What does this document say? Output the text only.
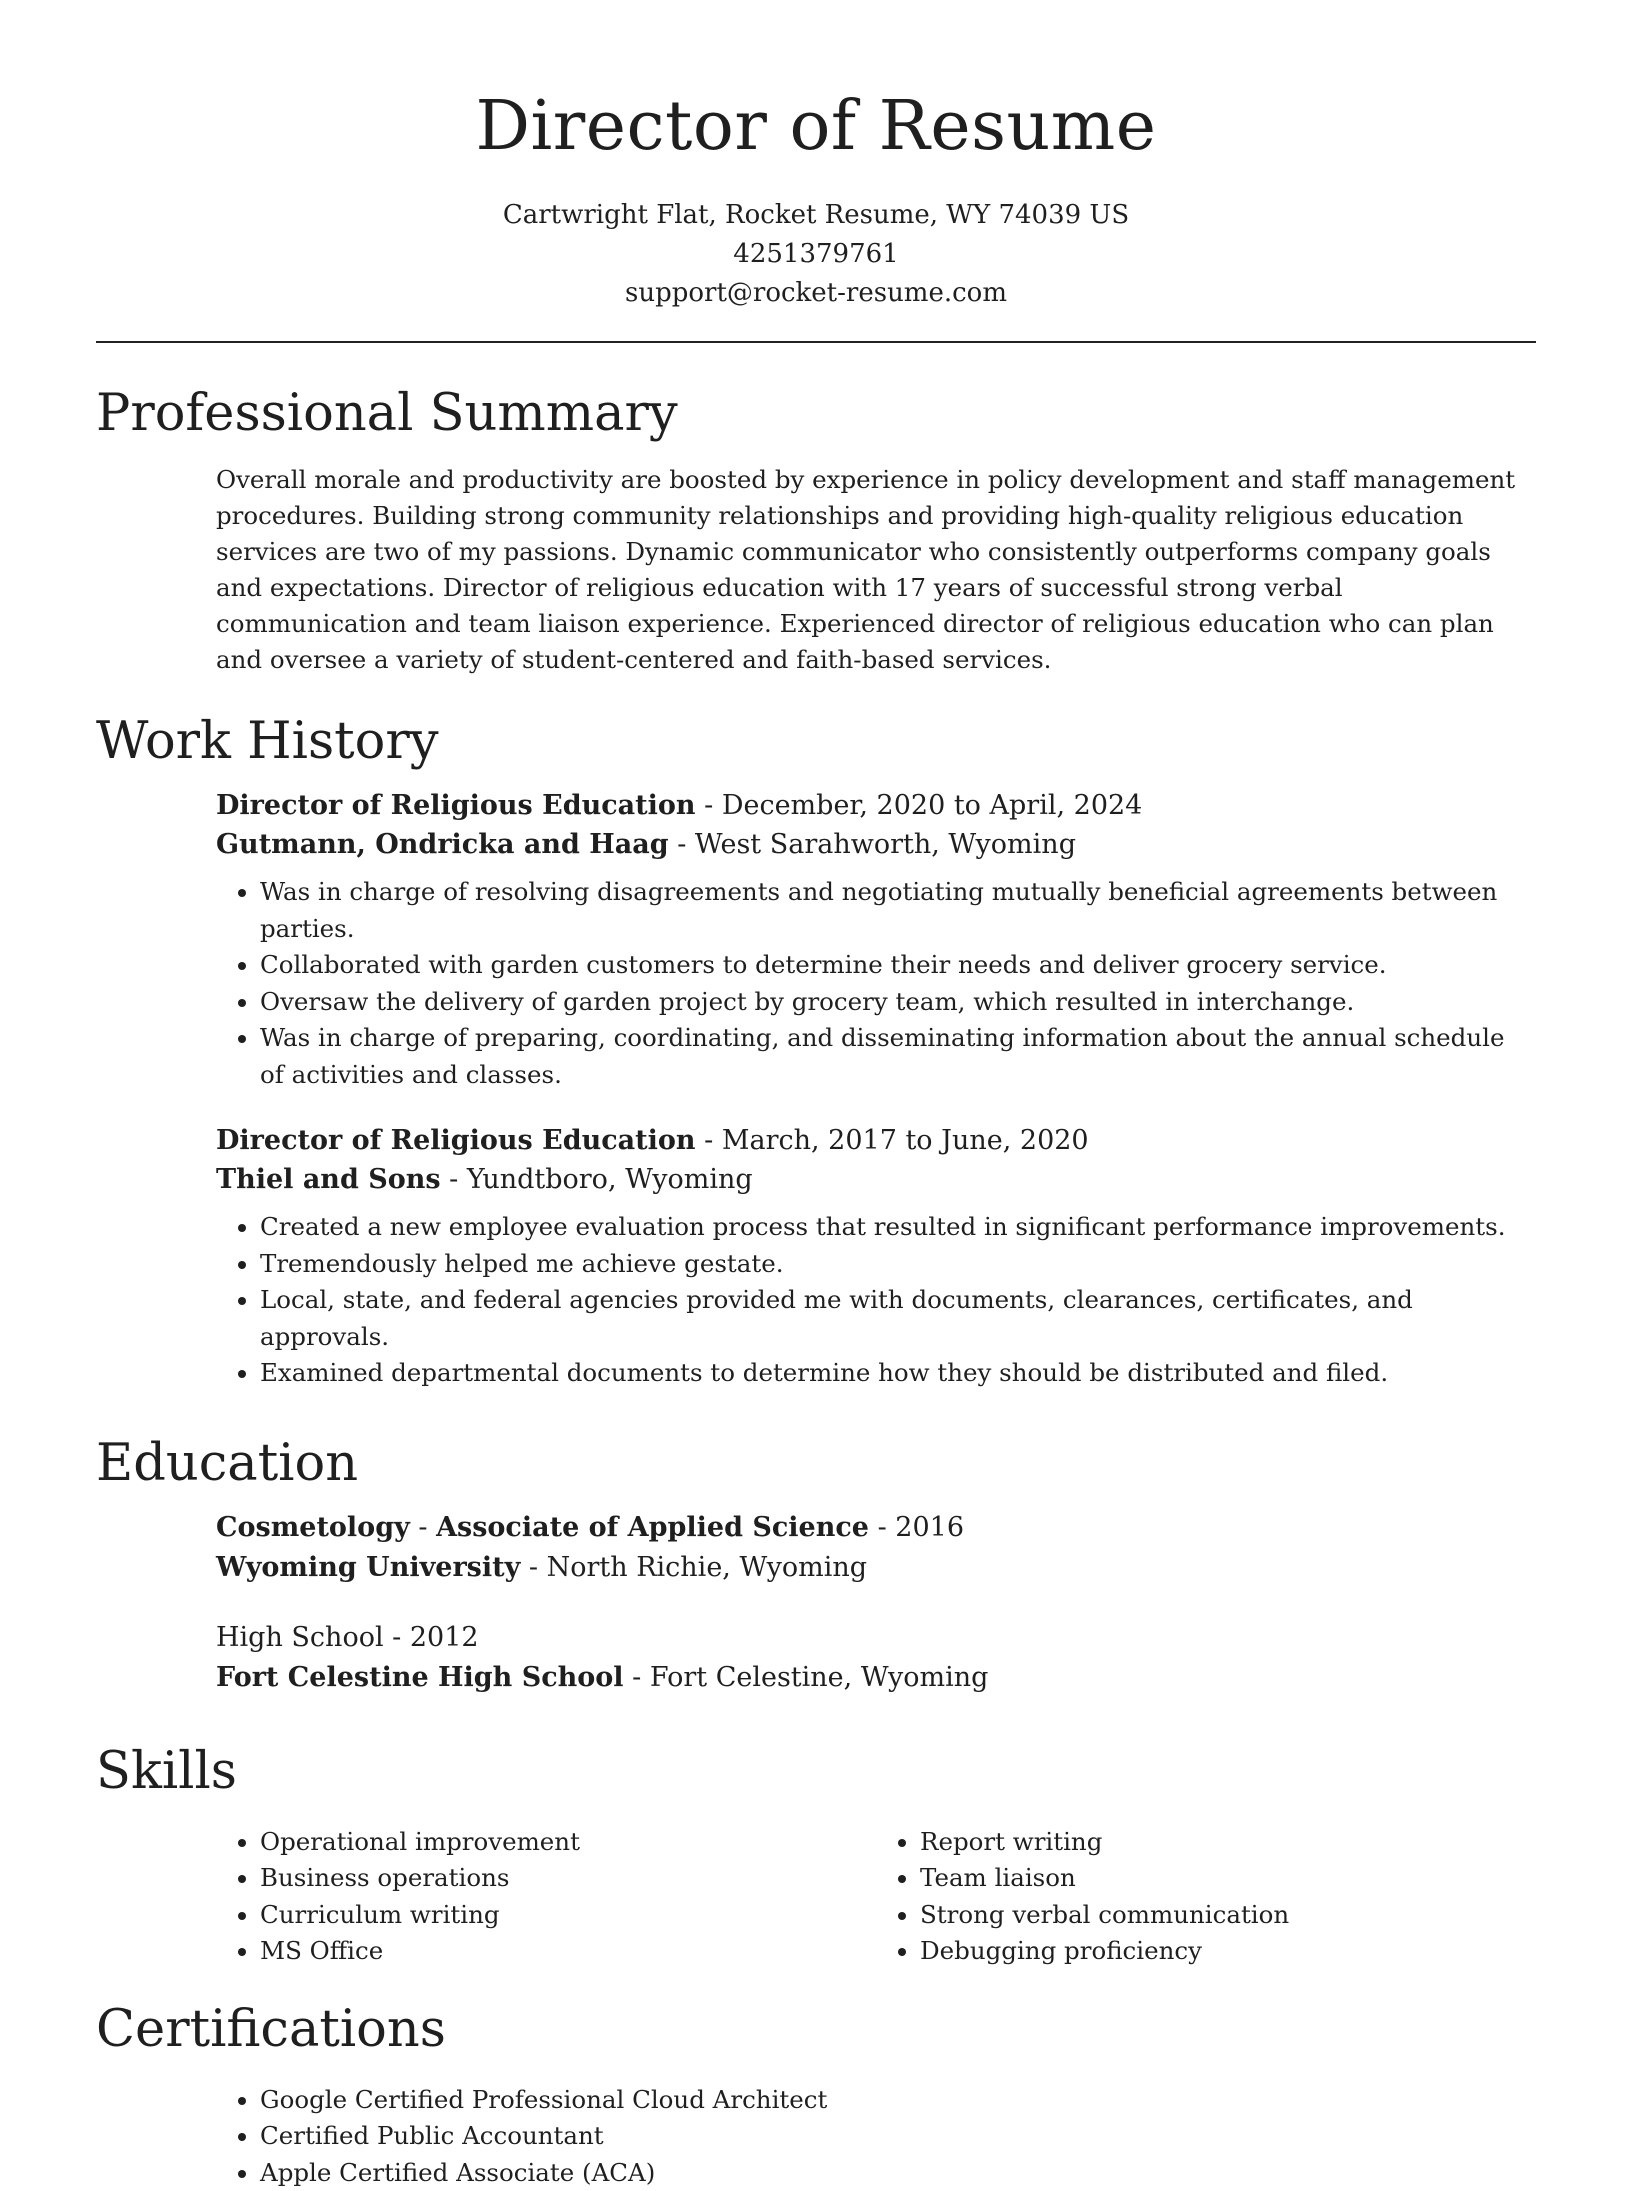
Director of Resume
Cartwright Flat, Rocket Resume, WY 74039 US
4251379761
support@rocket-resume.com
Professional Summary
Overall morale and productivity are boosted by experience in policy development and staff management procedures. Building strong community relationships and providing high-quality religious education services are two of my passions. Dynamic communicator who consistently outperforms company goals and expectations. Director of religious education with 17 years of successful strong verbal communication and team liaison experience. Experienced director of religious education who can plan and oversee a variety of student-centered and faith-based services.
Work History
Director of Religious Education - December, 2020 to April, 2024
Gutmann, Ondricka and Haag - West Sarahworth, Wyoming
• Was in charge of resolving disagreements and negotiating mutually beneficial agreements between parties.
• Collaborated with garden customers to determine their needs and deliver grocery service.
• Oversaw the delivery of garden project by grocery team, which resulted in interchange.
• Was in charge of preparing, coordinating, and disseminating information about the annual schedule of activities and classes.
Director of Religious Education - March, 2017 to June, 2020
Thiel and Sons - Yundtboro, Wyoming
• Created a new employee evaluation process that resulted in significant performance improvements.
• Tremendously helped me achieve gestate.
• Local, state, and federal agencies provided me with documents, clearances, certificates, and approvals.
• Examined departmental documents to determine how they should be distributed and filed.
Education
Cosmetology - Associate of Applied Science - 2016
Wyoming University - North Richie, Wyoming
High School - 2012
Fort Celestine High School - Fort Celestine, Wyoming
Skills
• Operational improvement
• Business operations
• Curriculum writing
• MS Office
• Report writing
• Team liaison
• Strong verbal communication
• Debugging proficiency
Certifications
• Google Certified Professional Cloud Architect
• Certified Public Accountant
• Apple Certified Associate (ACA)
